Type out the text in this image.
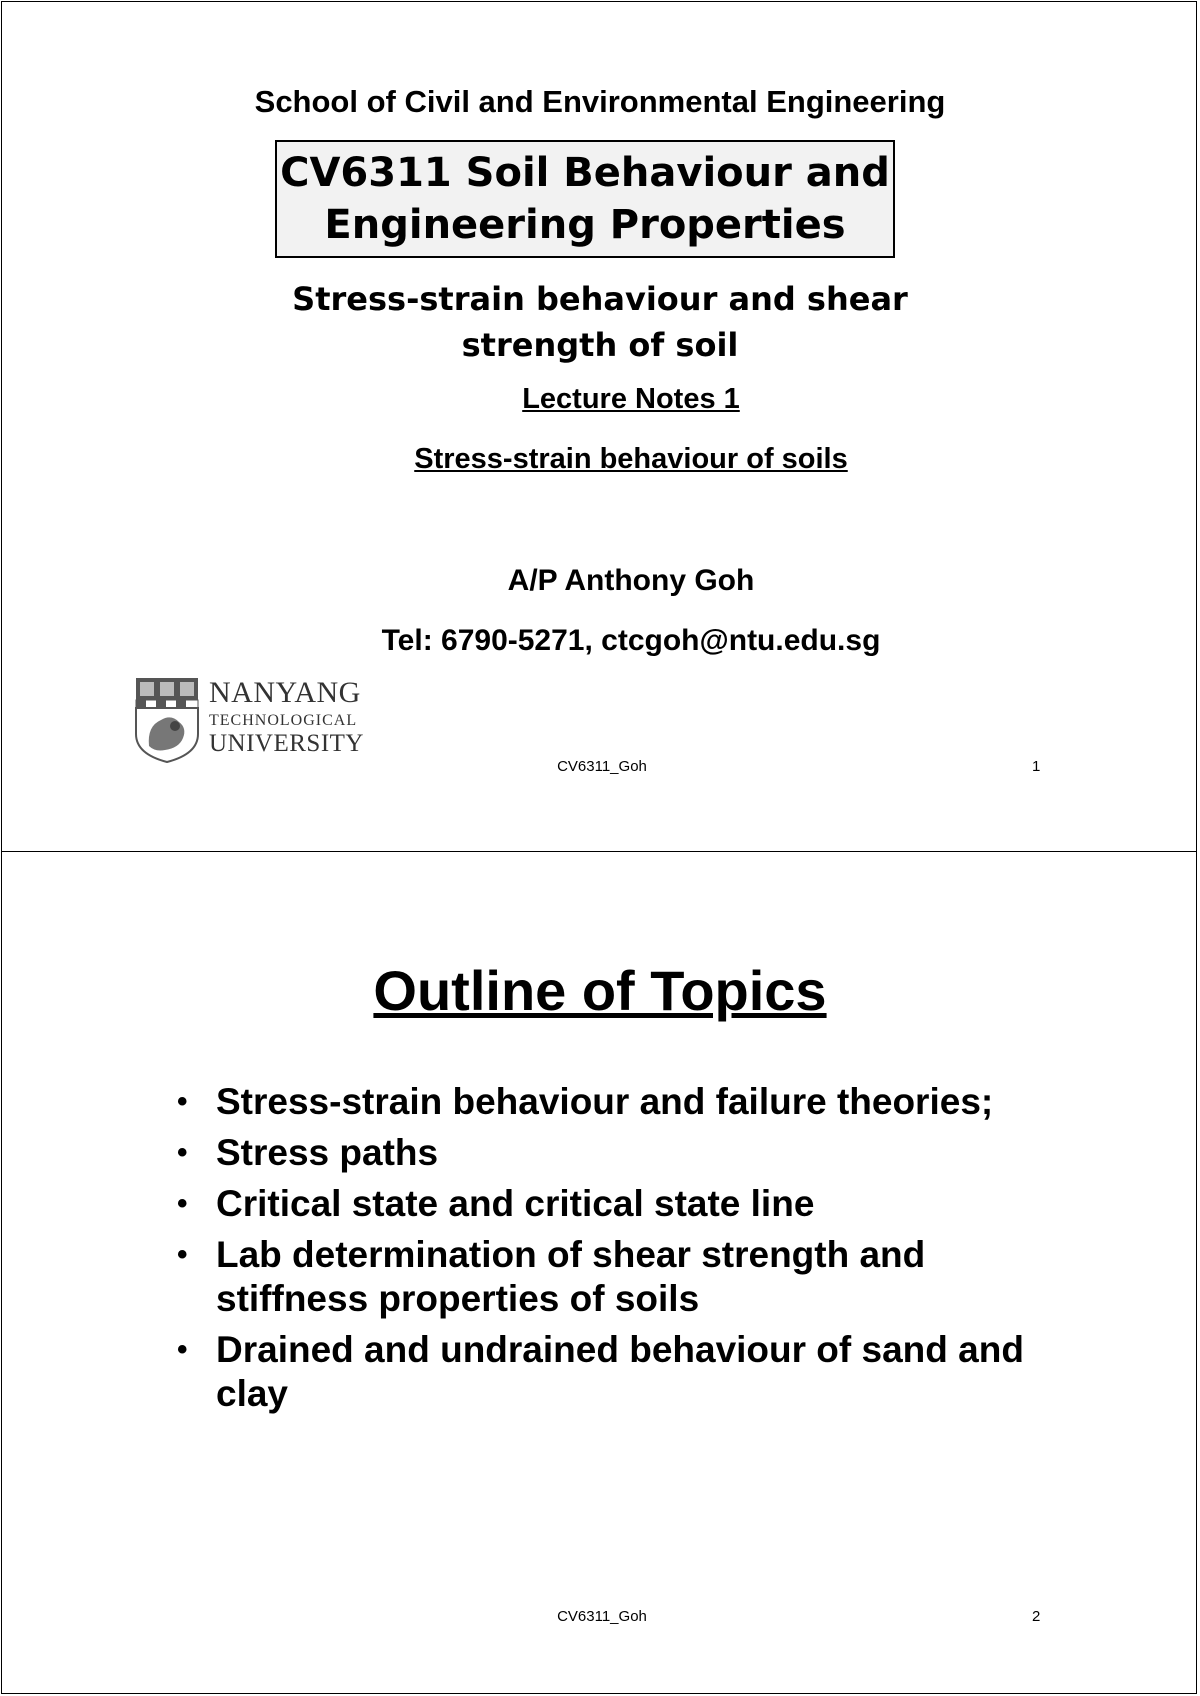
School of Civil and Environmental Engineering
CV6311 Soil Behaviour and
Engineering Properties
Stress-strain behaviour and shear
strength of soil
Lecture Notes 1
Stress-strain behaviour of soils
A/P Anthony Goh
Tel: 6790-5271, ctcgoh@ntu.edu.sg
NANYANG
TECHNOLOGICAL
UNIVERSITY
CV6311_Goh	1
Outline of Topics
• Stress-strain behaviour and failure theories;
• Stress paths
• Critical state and critical state line
• Lab determination of shear strength and stiffness properties of soils
• Drained and undrained behaviour of sand and clay
CV6311_Goh	2
